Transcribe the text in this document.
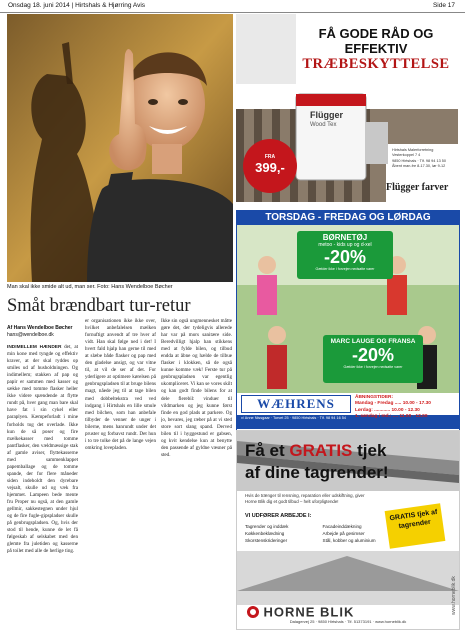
Onsdag 18. juni 2014 | Hirtshals & Hjørring Avis	Side 17
Man skal ikke smide alt ud, man ser. Foto: Hans Wendelboe Bøcher
Småt brændbart tur-retur
Af Hans Wendelboe Bøcher
hans@wendelboe.dk
INDIMELLEM HÆNDER det, at min kone med tyngde og effektiv kraver, at der skal ryddes op smiles ud af husholdningen. Og indimellem; stakken af pap og papir er sammen med kasser og sække med tomme flasker heller ikke videre spændende at flytte rundt på, hver gang man bare skal have fat i sin cykel eller paraplyen. Kæmpeforladt i mine forholds tog det overlade. Ikke kun de så poser og fire mælkekasser med tomme pantflasker, den vældmæssige stak af gamle aviser, flyttekasserne med sammenklappet papemballage og de tomme spande, der for flere måneder siden indeholdt den dyrebare vejsalt, skulle ud og væk fra hjemmet. Lampeen bede mente fru Proper nu også, at den gamle gellmir, sakkestegnen under hjul og de fire fugle-gipspladser skulle på genbrugspladsen. Og, hvis der stod til hende, kunne de let få følgeskab af selskabet med den glemte fra juletiden og kasserne på toilet med alle de herlige ting.
er organisationen ikke ikke over, hvilket anbefalelsen mælken fornuftigt anvendt af tre hver af vidt. Han skal følge ned i det! I hvert fald hjalp han gerne til med at slæbe både flasker og pap med den gladelse ansigt, og var vitne til, at vil de ser af det. For yderligere at optimere kørelsen på genbrugspladsen til at bruge bilens magt, nåede jeg til at tage bilen med dobbeltekstra ved ved indgang i Hirtshals en lille smule med bilchen, som han anbefale tilbyder de venner de unger i bilerne, mens hanrundt under det pruster og forbavst rundt. Det hun i to tre tolke det på de lange vejen omkring lovepladen.
Ikke sin også ungmennesket måtte gøre det, der tydeligvis allerede har var på mors sanitære side. Beredvilligt hjalp han stikkens med at fylde bilen, og tilbud endda at åbne og hælde de tilbue flasker i klokken, så de også kunne komme væk! Ferste tur på genbrugspladsen var egentlig ukompliceret. Vi kan se vores skilt og kan godt finde bilens for at dele flerebil: vinduer til vildmarken og jeg kunne først finde en god plads at parkere. Og jo, bevares, jeg ræber på at vi sted store sort slang spand. Derved bilen til i hyggestund er gabsen, og kvit kendelse kun at benytte den passende af gyldne væsner på sted.
FÅ GODE RÅD OG
EFFEKTIV
TRÆBESKYTTELSE
Flügger
Wood Tex
FRA
399,-
Hirtshals Malerforretning
Vesterkoppel 7 4
9850 Hirtshals · Tlf. 98 94 13 50
Åbent man-fre 8-17.30, lør 9-12
Flügger farver
TORSDAG - FREDAG OG LØRDAG
BØRNETØJ
metoo - kids up og d-xel
-20%
Gælder ikke i forvejen nedsatte varer
MARC LAUGE OG FRANSA
-20%
Gælder ikke i forvejen nedsatte varer
WÆHRENS
v/ Anne Nissgaar · Torvet 25 · 9850 Hirtshals · Tlf. 98 94 16 54
ÅBNINGSTIDER:
Mandag - Fredag ..... 10.00 - 17.30
Lørdag: ............ 10.00 - 12.30
1. søndag i md.: .... 11.00 - 13.00
Få et GRATIS tjek
af dine tagrender!
Hvis de trænger til rensning, reparation eller udskiftning, giver Horne Blik dig et godt tilbud – helt uforpligtende!
VI UDFØRER ARBEJDE I:
Tagrender og inddæk
Køkkenbeklædning
Skorstenskrideringer
Facadeinddækning
Arbejde på gesimser
Stål, kobber og aluminium
GRATIS tjek af tagrender
HORNE BLIK
Dalagervej 25 · 9850 Hirtshals · Tlf. 51373191 · www.horneblik.dk
www.horneblik.dk
